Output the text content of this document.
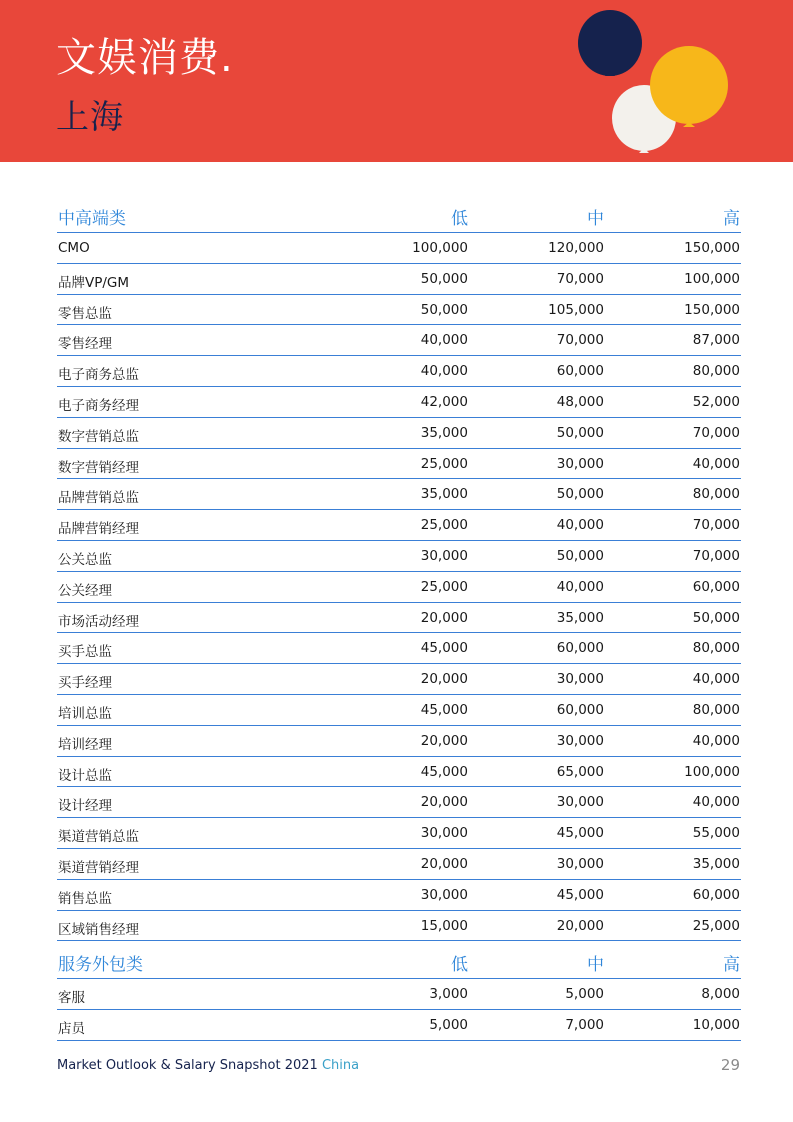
文娱消费.
上海
中高端类	低	中	高
CMO	100,000	120,000	150,000
品牌VP/GM	50,000	70,000	100,000
零售总监	50,000	105,000	150,000
零售经理	40,000	70,000	87,000
电子商务总监	40,000	60,000	80,000
电子商务经理	42,000	48,000	52,000
数字营销总监	35,000	50,000	70,000
数字营销经理	25,000	30,000	40,000
品牌营销总监	35,000	50,000	80,000
品牌营销经理	25,000	40,000	70,000
公关总监	30,000	50,000	70,000
公关经理	25,000	40,000	60,000
市场活动经理	20,000	35,000	50,000
买手总监	45,000	60,000	80,000
买手经理	20,000	30,000	40,000
培训总监	45,000	60,000	80,000
培训经理	20,000	30,000	40,000
设计总监	45,000	65,000	100,000
设计经理	20,000	30,000	40,000
渠道营销总监	30,000	45,000	55,000
渠道营销经理	20,000	30,000	35,000
销售总监	30,000	45,000	60,000
区域销售经理	15,000	20,000	25,000
服务外包类	低	中	高
客服	3,000	5,000	8,000
店员	5,000	7,000	10,000
Market Outlook & Salary Snapshot 2021 China	29
